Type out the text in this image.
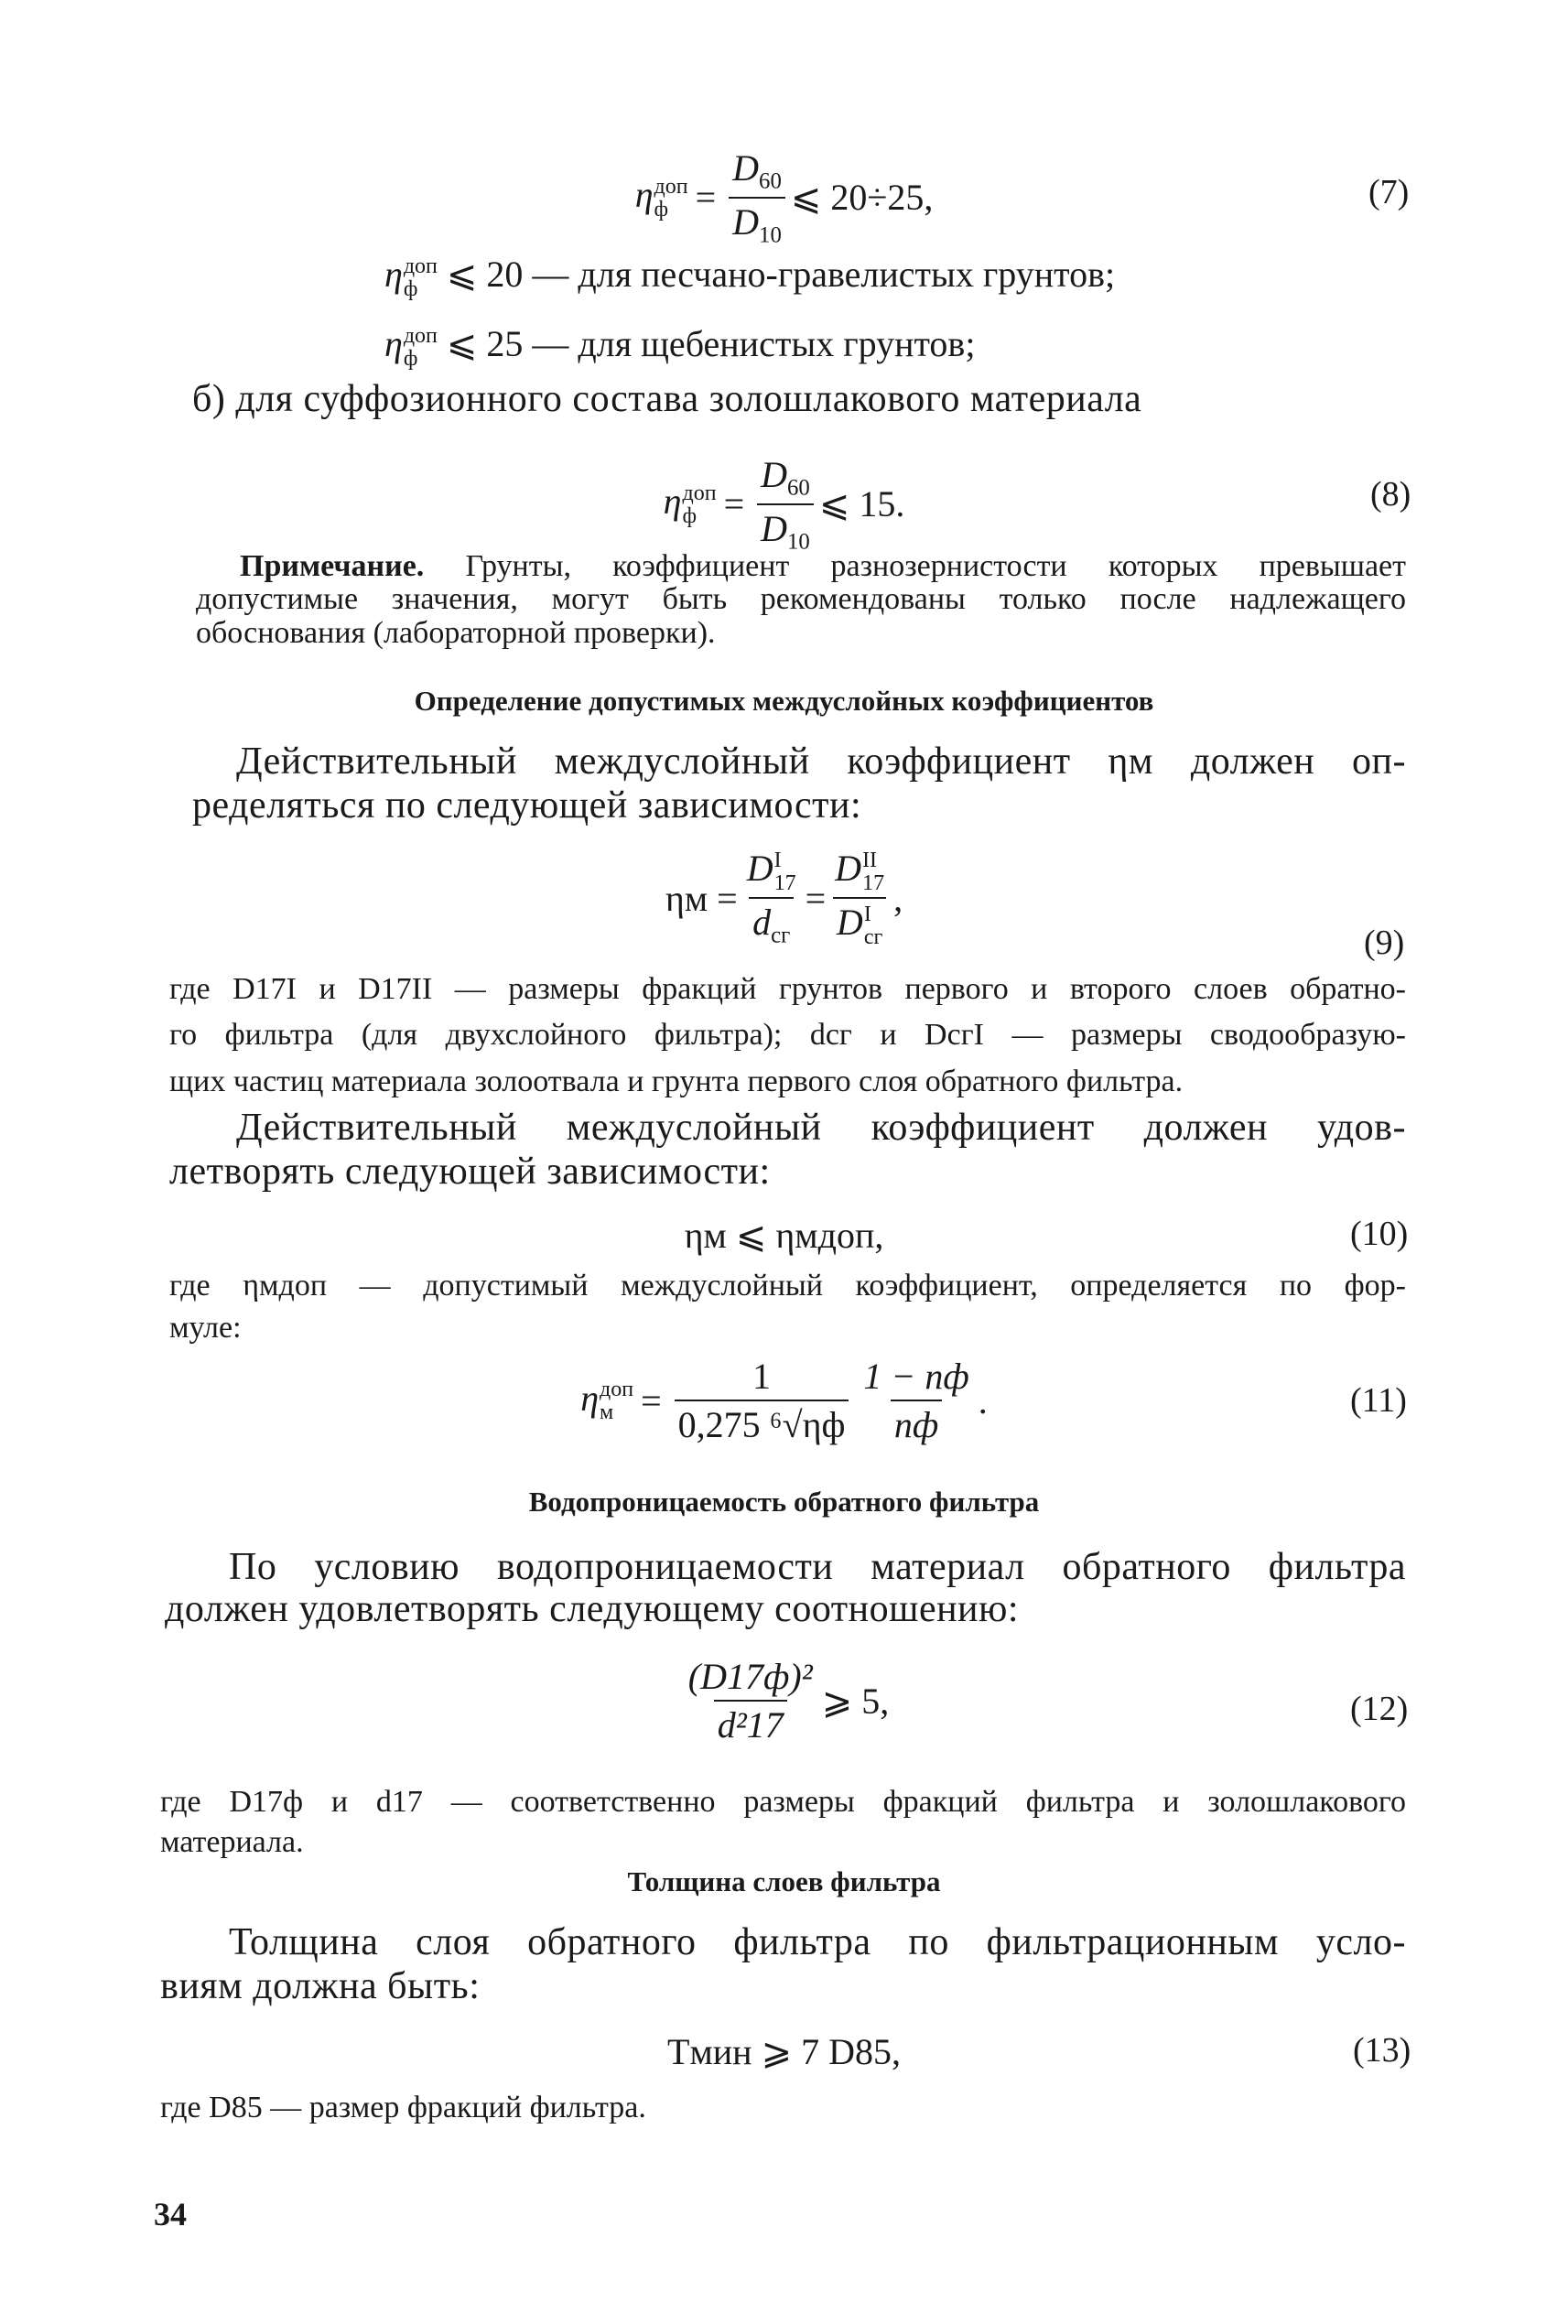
η доп
$ф = \frac{D_{60}}{D_{10}}$ ⩽ 20÷25,	(7)
η доп
ф ⩽ 20 — для песчано-гравелистых грунтов;
η доп
ф ⩽ 25 — для щебенистых грунтов;
б) для суффозионного состава золошлакового материала
η доп
$ф = \frac{D_{60}}{D_{10}}$ ⩽ 15.	(8)
Примечание. Грунты, коэффициент разнозернистости которых превышает
допустимые значения, могут быть рекомендованы только после надлежащего
обоснования (лабораторной проверки).
Определение допустимых междуслойных коэффициентов
Действительный междуслойный коэффициент ηм должен оп-
ределяться по следующей зависимости:
ηм = D I
17
$d_{сг} = D$ II
17
D I
сг ,
(9)
где D17I и D17II — размеры фракций грунтов первого и второго слоев обратно-
го фильтра (для двухслойного фильтра); dсг и DсгI — размеры сводообразую-
щих частиц материала золоотвала и грунта первого слоя обратного фильтра.
Действительный междуслойный коэффициент должен удов-
летворять следующей зависимости:
ηм ⩽ ηмдоп,	(10)
где ηмдоп — допустимый междуслойный коэффициент, определяется по фор-
муле:
η доп
$м = \frac{1}{\text{0,275 ⁶√ηф}} \frac{1 - nф}{nф}$ .	(11)
Водопроницаемость обратного фильтра
По условию водопроницаемости материал обратного фильтра
должен удовлетворять следующему соотношению:
$\frac{\text{(D17ф)²}}{\text{d²17}}$ ⩾ 5,	(12)
где D17ф и d17 — соответственно размеры фракций фильтра и золошлакового
материала.
Толщина слоев фильтра
Толщина слоя обратного фильтра по фильтрационным усло-
виям должна быть:
Tмин ⩾ 7 D85,	(13)
где D85 — размер фракций фильтра.
34
